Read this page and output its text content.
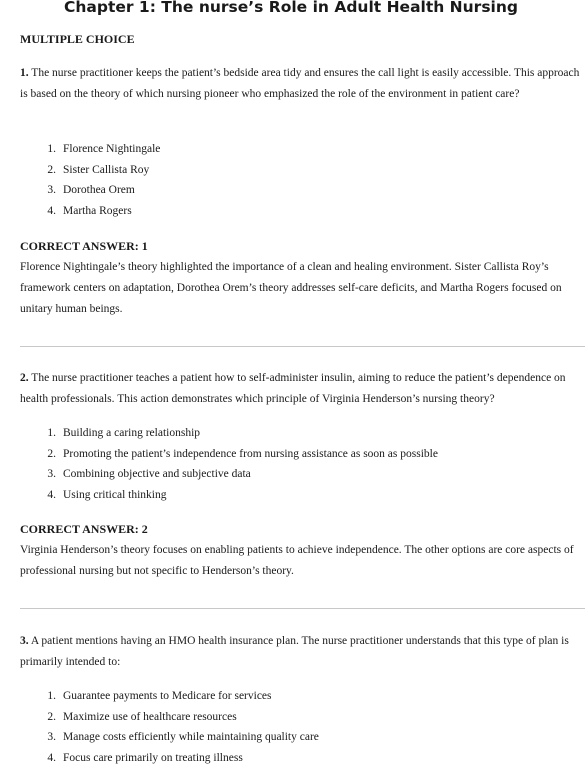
Chapter 1: The nurse’s Role in Adult Health Nursing
MULTIPLE CHOICE

1. The nurse practitioner keeps the patient’s bedside area tidy and ensures the call light is easily accessible. This approach is based on the theory of which nursing pioneer who emphasized the role of the environment in patient care?

1. Florence Nightingale
2. Sister Callista Roy
3. Dorothea Orem
4. Martha Rogers
CORRECT ANSWER: 1

Florence Nightingale’s theory highlighted the importance of a clean and healing environment. Sister Callista Roy’s framework centers on adaptation, Dorothea Orem’s theory addresses self-care deficits, and Martha Rogers focused on unitary human beings.

2. The nurse practitioner teaches a patient how to self-administer insulin, aiming to reduce the patient’s dependence on health professionals. This action demonstrates which principle of Virginia Henderson’s nursing theory?

1. Building a caring relationship
2. Promoting the patient’s independence from nursing assistance as soon as possible
3. Combining objective and subjective data
4. Using critical thinking
CORRECT ANSWER: 2

Virginia Henderson’s theory focuses on enabling patients to achieve independence. The other options are core aspects of professional nursing but not specific to Henderson’s theory.

3. A patient mentions having an HMO health insurance plan. The nurse practitioner understands that this type of plan is primarily intended to:

1. Guarantee payments to Medicare for services
2. Maximize use of healthcare resources
3. Manage costs efficiently while maintaining quality care
4. Focus care primarily on treating illness
